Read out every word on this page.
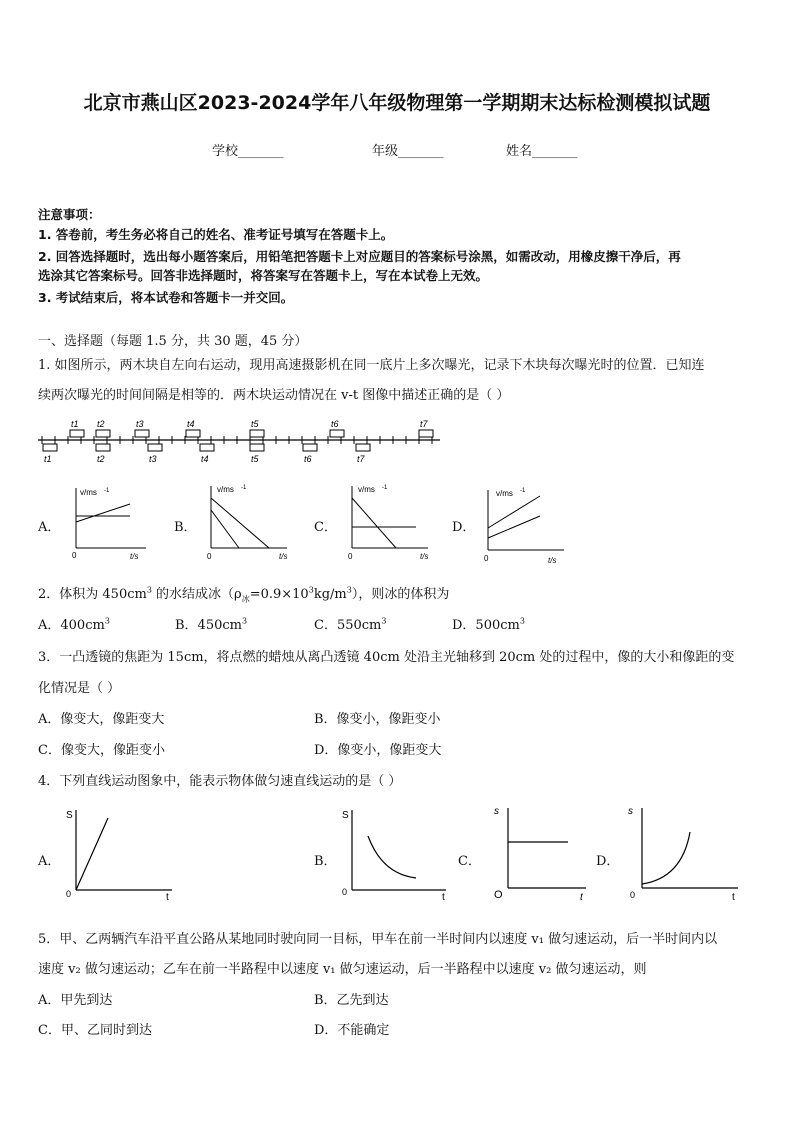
北京市燕山区2023-2024学年八年级物理第一学期期末达标检测模拟试题
学校_______	年级_______	姓名_______
注意事项：
1. 答卷前，考生务必将自己的姓名、准考证号填写在答题卡上。
2. 回答选择题时，选出每小题答案后，用铅笔把答题卡上对应题目的答案标号涂黑，如需改动，用橡皮擦干净后，再
选涂其它答案标号。回答非选择题时，将答案写在答题卡上，写在本试卷上无效。
3. 考试结束后，将本试卷和答题卡一并交回。
一、选择题（每题 1.5 分，共 30 题，45 分）
1. 如图所示，两木块自左向右运动，现用高速摄影机在同一底片上多次曝光，记录下木块每次曝光时的位置．已知连
续两次曝光的时间间隔是相等的．两木块运动情况在 v-t 图像中描述正确的是（ ）
t1 t2	t3	t4	t5	t6	t7
t1	t2	t3	t4	t5	t6	t7
A．
v/ms -1
0	t/s
B．
v/ms -1
0	t/s
C．
v/ms -1
0	t/s
D．
v/ms -1
0	t/s
2．体积为 $450cm^3$ 的水结成冰$(\rho_冰=0.9\times 10^3kg/m^3)$，则冰的体积为
A．$400cm^3$	B．$450cm^3$	C．$550cm^3$	D．$500cm^3$
3．一凸透镜的焦距为 15cm，将点燃的蜡烛从离凸透镜 40cm 处沿主光轴移到 20cm 处的过程中，像的大小和像距的变
化情况是（ ）
A．像变大，像距变大	B．像变小，像距变小
C．像变大，像距变小	D．像变小，像距变大
4．下列直线运动图象中，能表示物体做匀速直线运动的是（ ）
A．
S
0	t
B．
S
0	t
C．
s
O	t
D．
s
0	t
5．甲、乙两辆汽车沿平直公路从某地同时驶向同一目标，甲车在前一半时间内以速度 v₁ 做匀速运动，后一半时间内以
速度 v₂ 做匀速运动；乙车在前一半路程中以速度 v₁ 做匀速运动，后一半路程中以速度 v₂ 做匀速运动，则
A．甲先到达	B．乙先到达
C．甲、乙同时到达	D．不能确定
